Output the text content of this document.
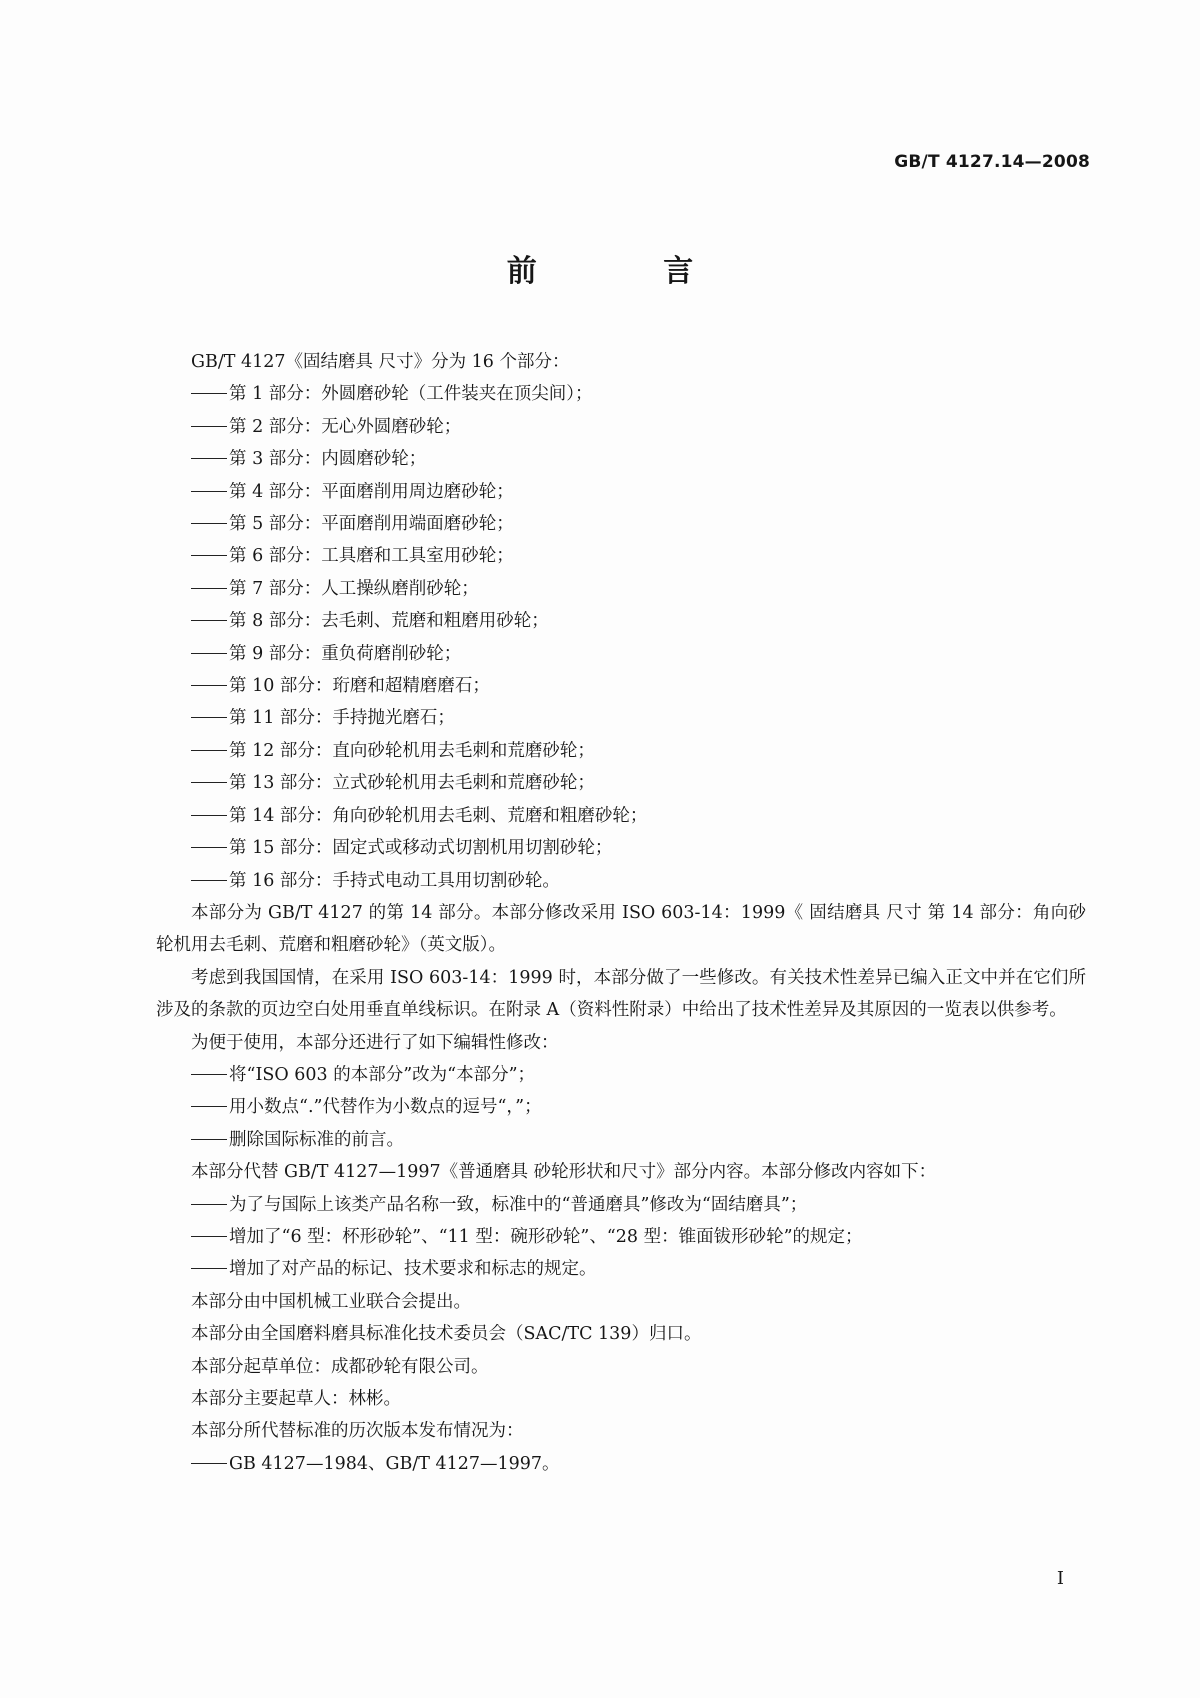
GB/T 4127.14—2008
前 言

GB/T 4127《固结磨具 尺寸》分为 16 个部分：

第 1 部分：外圆磨砂轮（工件装夹在顶尖间）；

第 2 部分：无心外圆磨砂轮；

第 3 部分：内圆磨砂轮；

第 4 部分：平面磨削用周边磨砂轮；

第 5 部分：平面磨削用端面磨砂轮；

第 6 部分：工具磨和工具室用砂轮；

第 7 部分：人工操纵磨削砂轮；

第 8 部分：去毛刺、荒磨和粗磨用砂轮；

第 9 部分：重负荷磨削砂轮；

第 10 部分：珩磨和超精磨磨石；

第 11 部分：手持抛光磨石；

第 12 部分：直向砂轮机用去毛刺和荒磨砂轮；

第 13 部分：立式砂轮机用去毛刺和荒磨砂轮；

第 14 部分：角向砂轮机用去毛刺、荒磨和粗磨砂轮；

第 15 部分：固定式或移动式切割机用切割砂轮；

第 16 部分：手持式电动工具用切割砂轮。

本部分为 GB/T 4127 的第 14 部分。本部分修改采用 ISO 603-14：1999《 固结磨具 尺寸 第 14 部分：角向砂轮机用去毛刺、荒磨和粗磨砂轮》（英文版）。

考虑到我国国情，在采用 ISO 603-14：1999 时，本部分做了一些修改。有关技术性差异已编入正文中并在它们所涉及的条款的页边空白处用垂直单线标识。在附录 A（资料性附录）中给出了技术性差异及其原因的一览表以供参考。

为便于使用，本部分还进行了如下编辑性修改：

将“ISO 603 的本部分”改为“本部分”；

用小数点“.”代替作为小数点的逗号“，”；

删除国际标准的前言。

本部分代替 GB/T 4127—1997《普通磨具 砂轮形状和尺寸》部分内容。本部分修改内容如下：

为了与国际上该类产品名称一致，标准中的“普通磨具”修改为“固结磨具”；

增加了“6 型：杯形砂轮”、“11 型：碗形砂轮”、“28 型：锥面钹形砂轮”的规定；

增加了对产品的标记、技术要求和标志的规定。

本部分由中国机械工业联合会提出。

本部分由全国磨料磨具标准化技术委员会（SAC/TC 139）归口。

本部分起草单位：成都砂轮有限公司。

本部分主要起草人：林彬。

本部分所代替标准的历次版本发布情况为：

GB 4127—1984、GB/T 4127—1997。

I
